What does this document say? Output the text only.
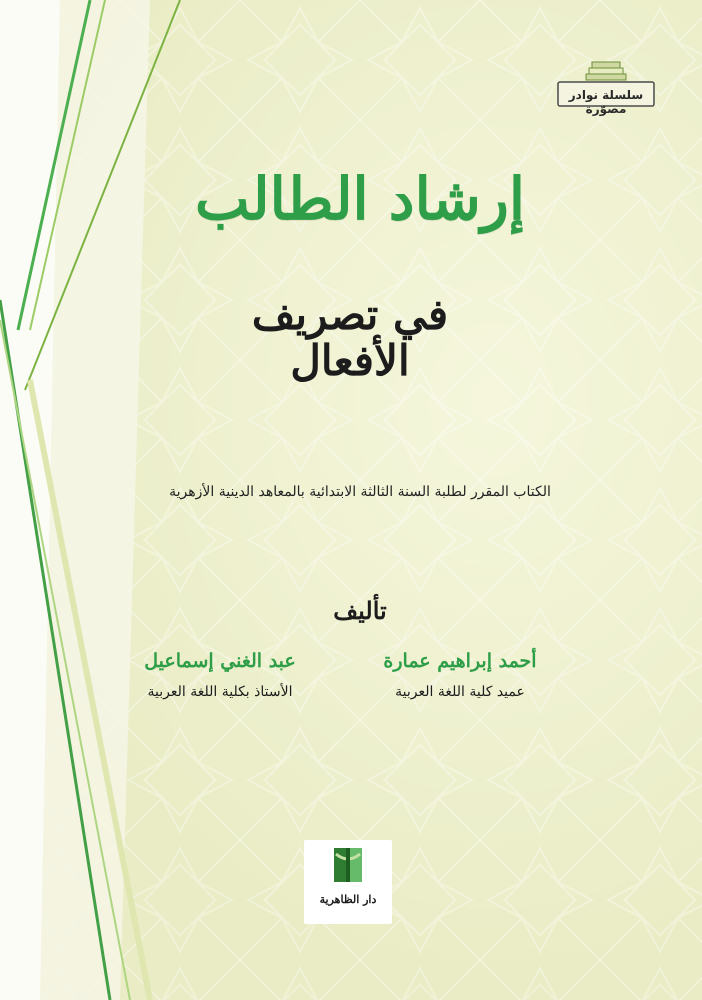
سلسلة نوادر مصوّرة
إرشاد الطالب
في تصريف الأفعال
الكتاب المقرر لطلبة السنة الثالثة الابتدائية بالمعاهد الدينية الأزهرية
تأليف
أحمد إبراهيم عمارة
عميد كلية اللغة العربية
عبد الغني إسماعيل
الأستاذ بكلية اللغة العربية
دار الظاهرية
